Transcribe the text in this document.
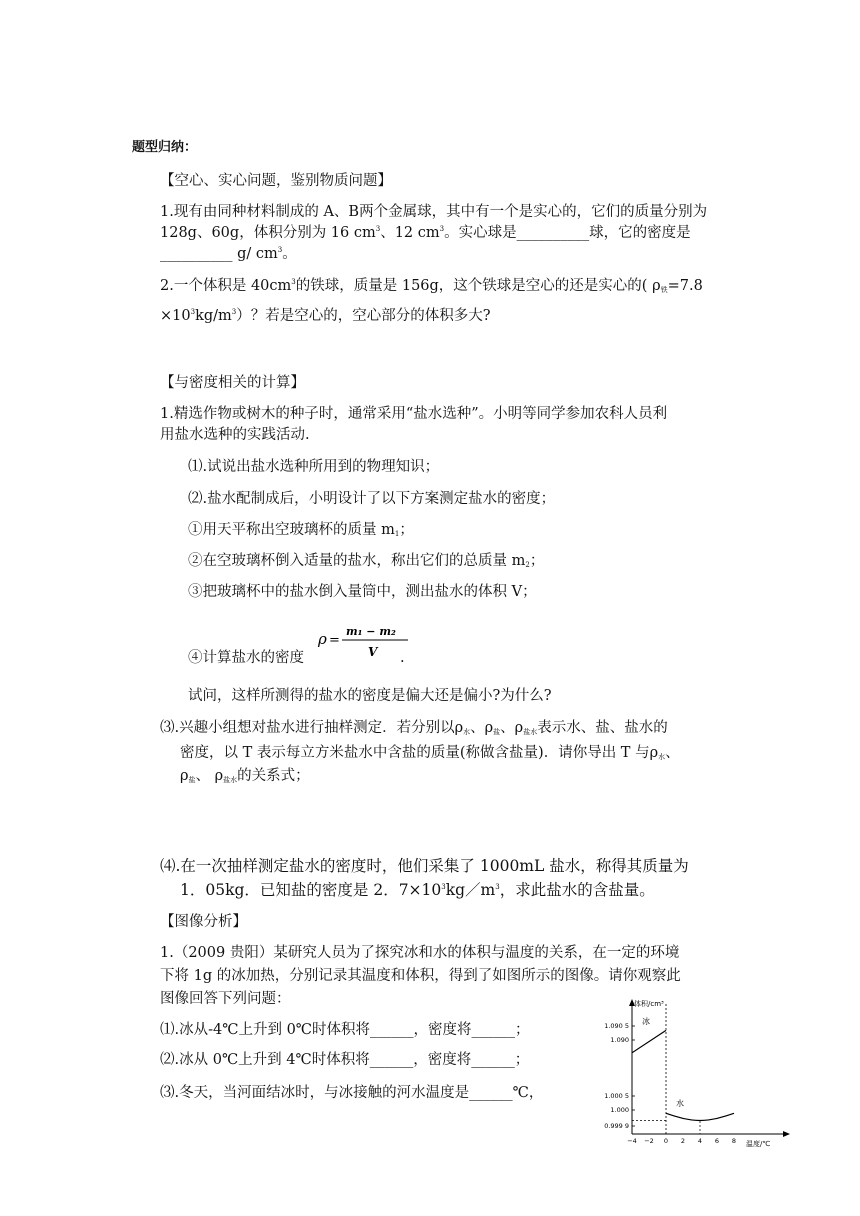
题型归纳：
【空心、实心问题，鉴别物质问题】
1.现有由同种材料制成的 A、B两个金属球，其中有一个是实心的，它们的质量分别为
128g、60g，体积分别为 16 $cm^3$、12 $cm^3$。实心球是__________球，它的密度是
__________ g/ $cm^3$。
2.一个体积是 $40cm^3$的铁球，质量是 156g，这个铁球是空心的还是实心的( $\rho_铁=7.8$
$\times 10^3kg/m^3$）？若是空心的，空心部分的体积多大?
【与密度相关的计算】
1.精选作物或树木的种子时，通常采用“盐水选种”。小明等同学参加农科人员利
用盐水选种的实践活动.
⑴.试说出盐水选种所用到的物理知识；
⑵.盐水配制成后，小明设计了以下方案测定盐水的密度；
①用天平称出空玻璃杯的质量 $m_1$；
②在空玻璃杯倒入适量的盐水，称出它们的总质量 $m_2$；
③把玻璃杯中的盐水倒入量筒中，测出盐水的体积 V；
④计算盐水的密度
ρ =
m₁ − m₂
V .
试问，这样所测得的盐水的密度是偏大还是偏小?为什么?
⑶.兴趣小组想对盐水进行抽样测定．若分别以$\rho_水$、$\rho_盐$、$\rho_{盐水}$表示水、盐、盐水的
密度，以 T 表示每立方米盐水中含盐的质量(称做含盐量)．请你导出 T 与$\rho_水$、
$\rho_盐$、 $\rho_{盐水}$的关系式；
⑷.在一次抽样测定盐水的密度时，他们采集了 1000mL 盐水，称得其质量为
1．05kg．已知盐的密度是 2．$7\times 10^3kg/m^3$，求此盐水的含盐量。
【图像分析】
1.（2009 贵阳）某研究人员为了探究冰和水的体积与温度的关系，在一定的环境
下将 1g 的冰加热，分别记录其温度和体积，得到了如图所示的图像。请你观察此
图像回答下列问题：
⑴.冰从-4℃上升到 0℃时体积将______，密度将______；
⑵.冰从 0℃上升到 4℃时体积将______，密度将______；
⑶.冬天，当河面结冰时，与冰接触的河水温度是______℃，
体积/cm³
温度/℃
1.090 5
1.090
1.000 5
1.000
0.999 9
−4 −2 0 2 4 6 8
冰
水
